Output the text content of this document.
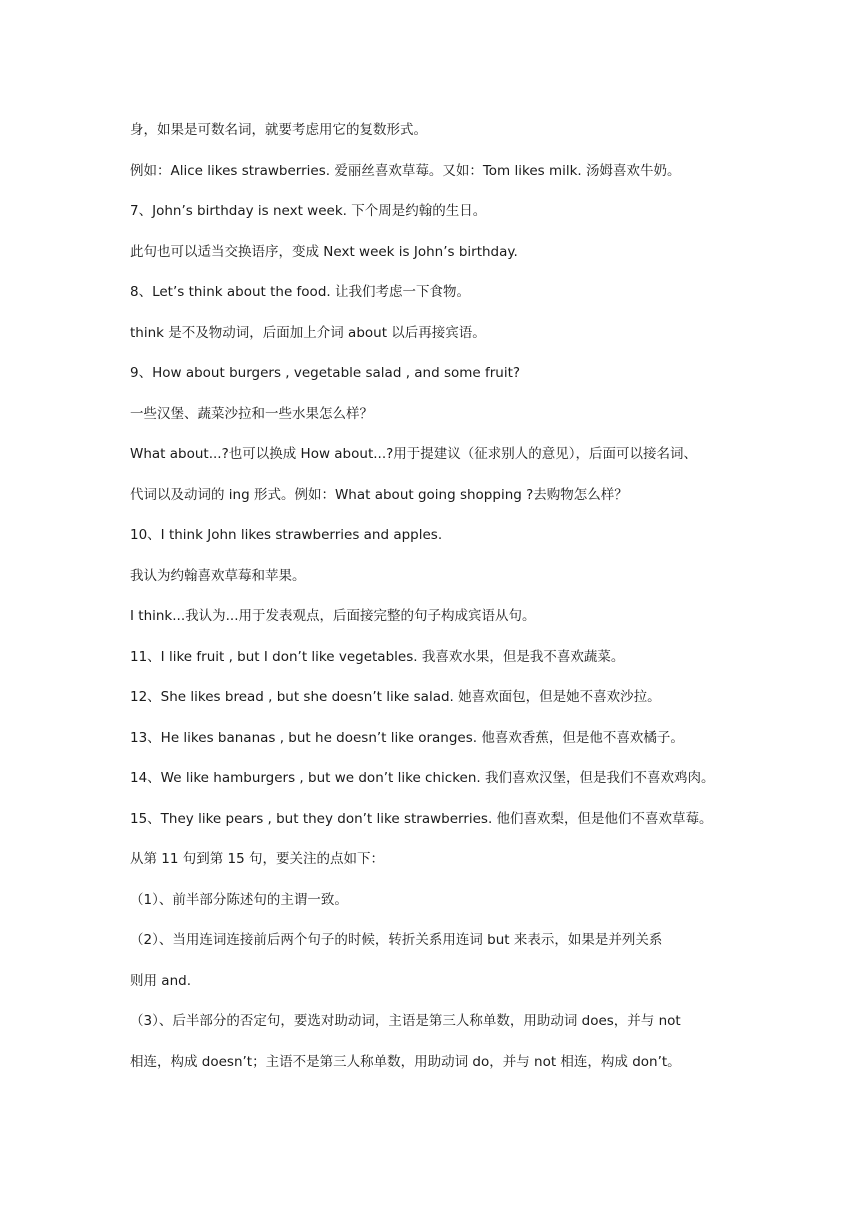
身，如果是可数名词，就要考虑用它的复数形式。

例如：Alice likes strawberries. 爱丽丝喜欢草莓。又如：Tom likes milk. 汤姆喜欢牛奶。

7、John’s birthday is next week. 下个周是约翰的生日。

此句也可以适当交换语序，变成 Next week is John’s birthday.

8、Let’s think about the food. 让我们考虑一下食物。

think 是不及物动词，后面加上介词 about 以后再接宾语。

9、How about burgers , vegetable salad , and some fruit?

一些汉堡、蔬菜沙拉和一些水果怎么样？

What about...?也可以换成 How about...?用于提建议（征求别人的意见），后面可以接名词、

代词以及动词的 ing 形式。例如：What about going shopping ?去购物怎么样？

10、I think John likes strawberries and apples.

我认为约翰喜欢草莓和苹果。

I think...我认为...用于发表观点，后面接完整的句子构成宾语从句。

11、I like fruit , but I don’t like vegetables. 我喜欢水果，但是我不喜欢蔬菜。

12、She likes bread , but she doesn’t like salad. 她喜欢面包，但是她不喜欢沙拉。

13、He likes bananas , but he doesn’t like oranges. 他喜欢香蕉，但是他不喜欢橘子。

14、We like hamburgers , but we don’t like chicken. 我们喜欢汉堡，但是我们不喜欢鸡肉。

15、They like pears , but they don’t like strawberries. 他们喜欢梨，但是他们不喜欢草莓。

从第 11 句到第 15 句，要关注的点如下：

（1）、前半部分陈述句的主谓一致。

（2）、当用连词连接前后两个句子的时候，转折关系用连词 but 来表示，如果是并列关系

则用 and.

（3）、后半部分的否定句，要选对助动词，主语是第三人称单数，用助动词 does，并与 not

相连，构成 doesn’t；主语不是第三人称单数，用助动词 do，并与 not 相连，构成 don’t。
